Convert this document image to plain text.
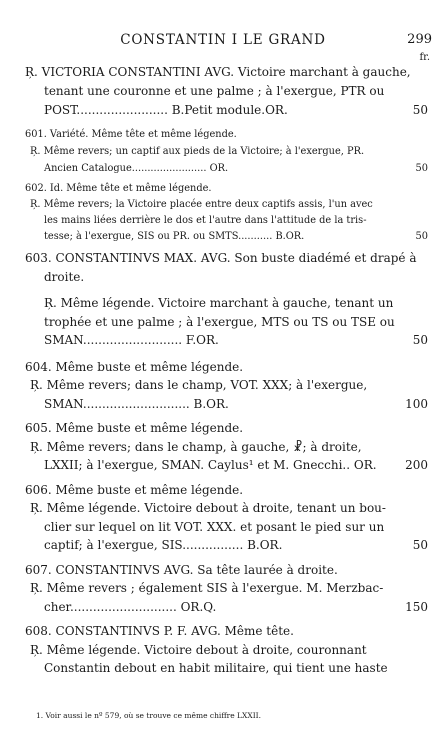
CONSTANTIN I LE GRAND	299
fr.
Ŗ. VICTORIA CONSTANTINI AVG. Victoire marchant à gauche,
tenant une couronne et une palme ; à l'exergue, PTR ou
POST........................ B.Petit module.OR.	50
601. Variété. Même tête et même légende.
Ŗ. Même revers; un captif aux pieds de la Victoire; à l'exergue, PR.
Ancien Catalogue........................ OR.	50
602. Id. Même tête et même légende.
Ŗ. Même revers; la Victoire placée entre deux captifs assis, l'un avec
les mains liées derrière le dos et l'autre dans l'attitude de la tris-
tesse; à l'exergue, SIS ou PR. ou SMTS........... B.OR.	50
603. CONSTANTINVS MAX. AVG. Son buste diadémé et drapé à
droite.
Ŗ. Même légende. Victoire marchant à gauche, tenant un
trophée et une palme ; à l'exergue, MTS ou TS ou TSE ou
SMAN.......................... F.OR.	50
604. Même buste et même légende.
Ŗ. Même revers; dans le champ, VOT. XXX; à l'exergue,
SMAN............................ B.OR.	100
605. Même buste et même légende.
Ŗ. Même revers; dans le champ, à gauche, ☧; à droite,
LXXII; à l'exergue, SMAN. Caylus¹ et M. Gnecchi.. OR. 200
606. Même buste et même légende.
Ŗ. Même légende. Victoire debout à droite, tenant un bou-
clier sur lequel on lit VOT. XXX. et posant le pied sur un
captif; à l'exergue, SIS................ B.OR.	50
607. CONSTANTINVS AVG. Sa tête laurée à droite.
Ŗ. Même revers ; également SIS à l'exergue. M. Merzbac-
cher............................ OR.Q.	150
608. CONSTANTINVS P. F. AVG. Même tête.
Ŗ. Même légende. Victoire debout à droite, couronnant
Constantin debout en habit militaire, qui tient une haste
1. Voir aussi le nº 579, où se trouve ce même chiffre LXXII.
